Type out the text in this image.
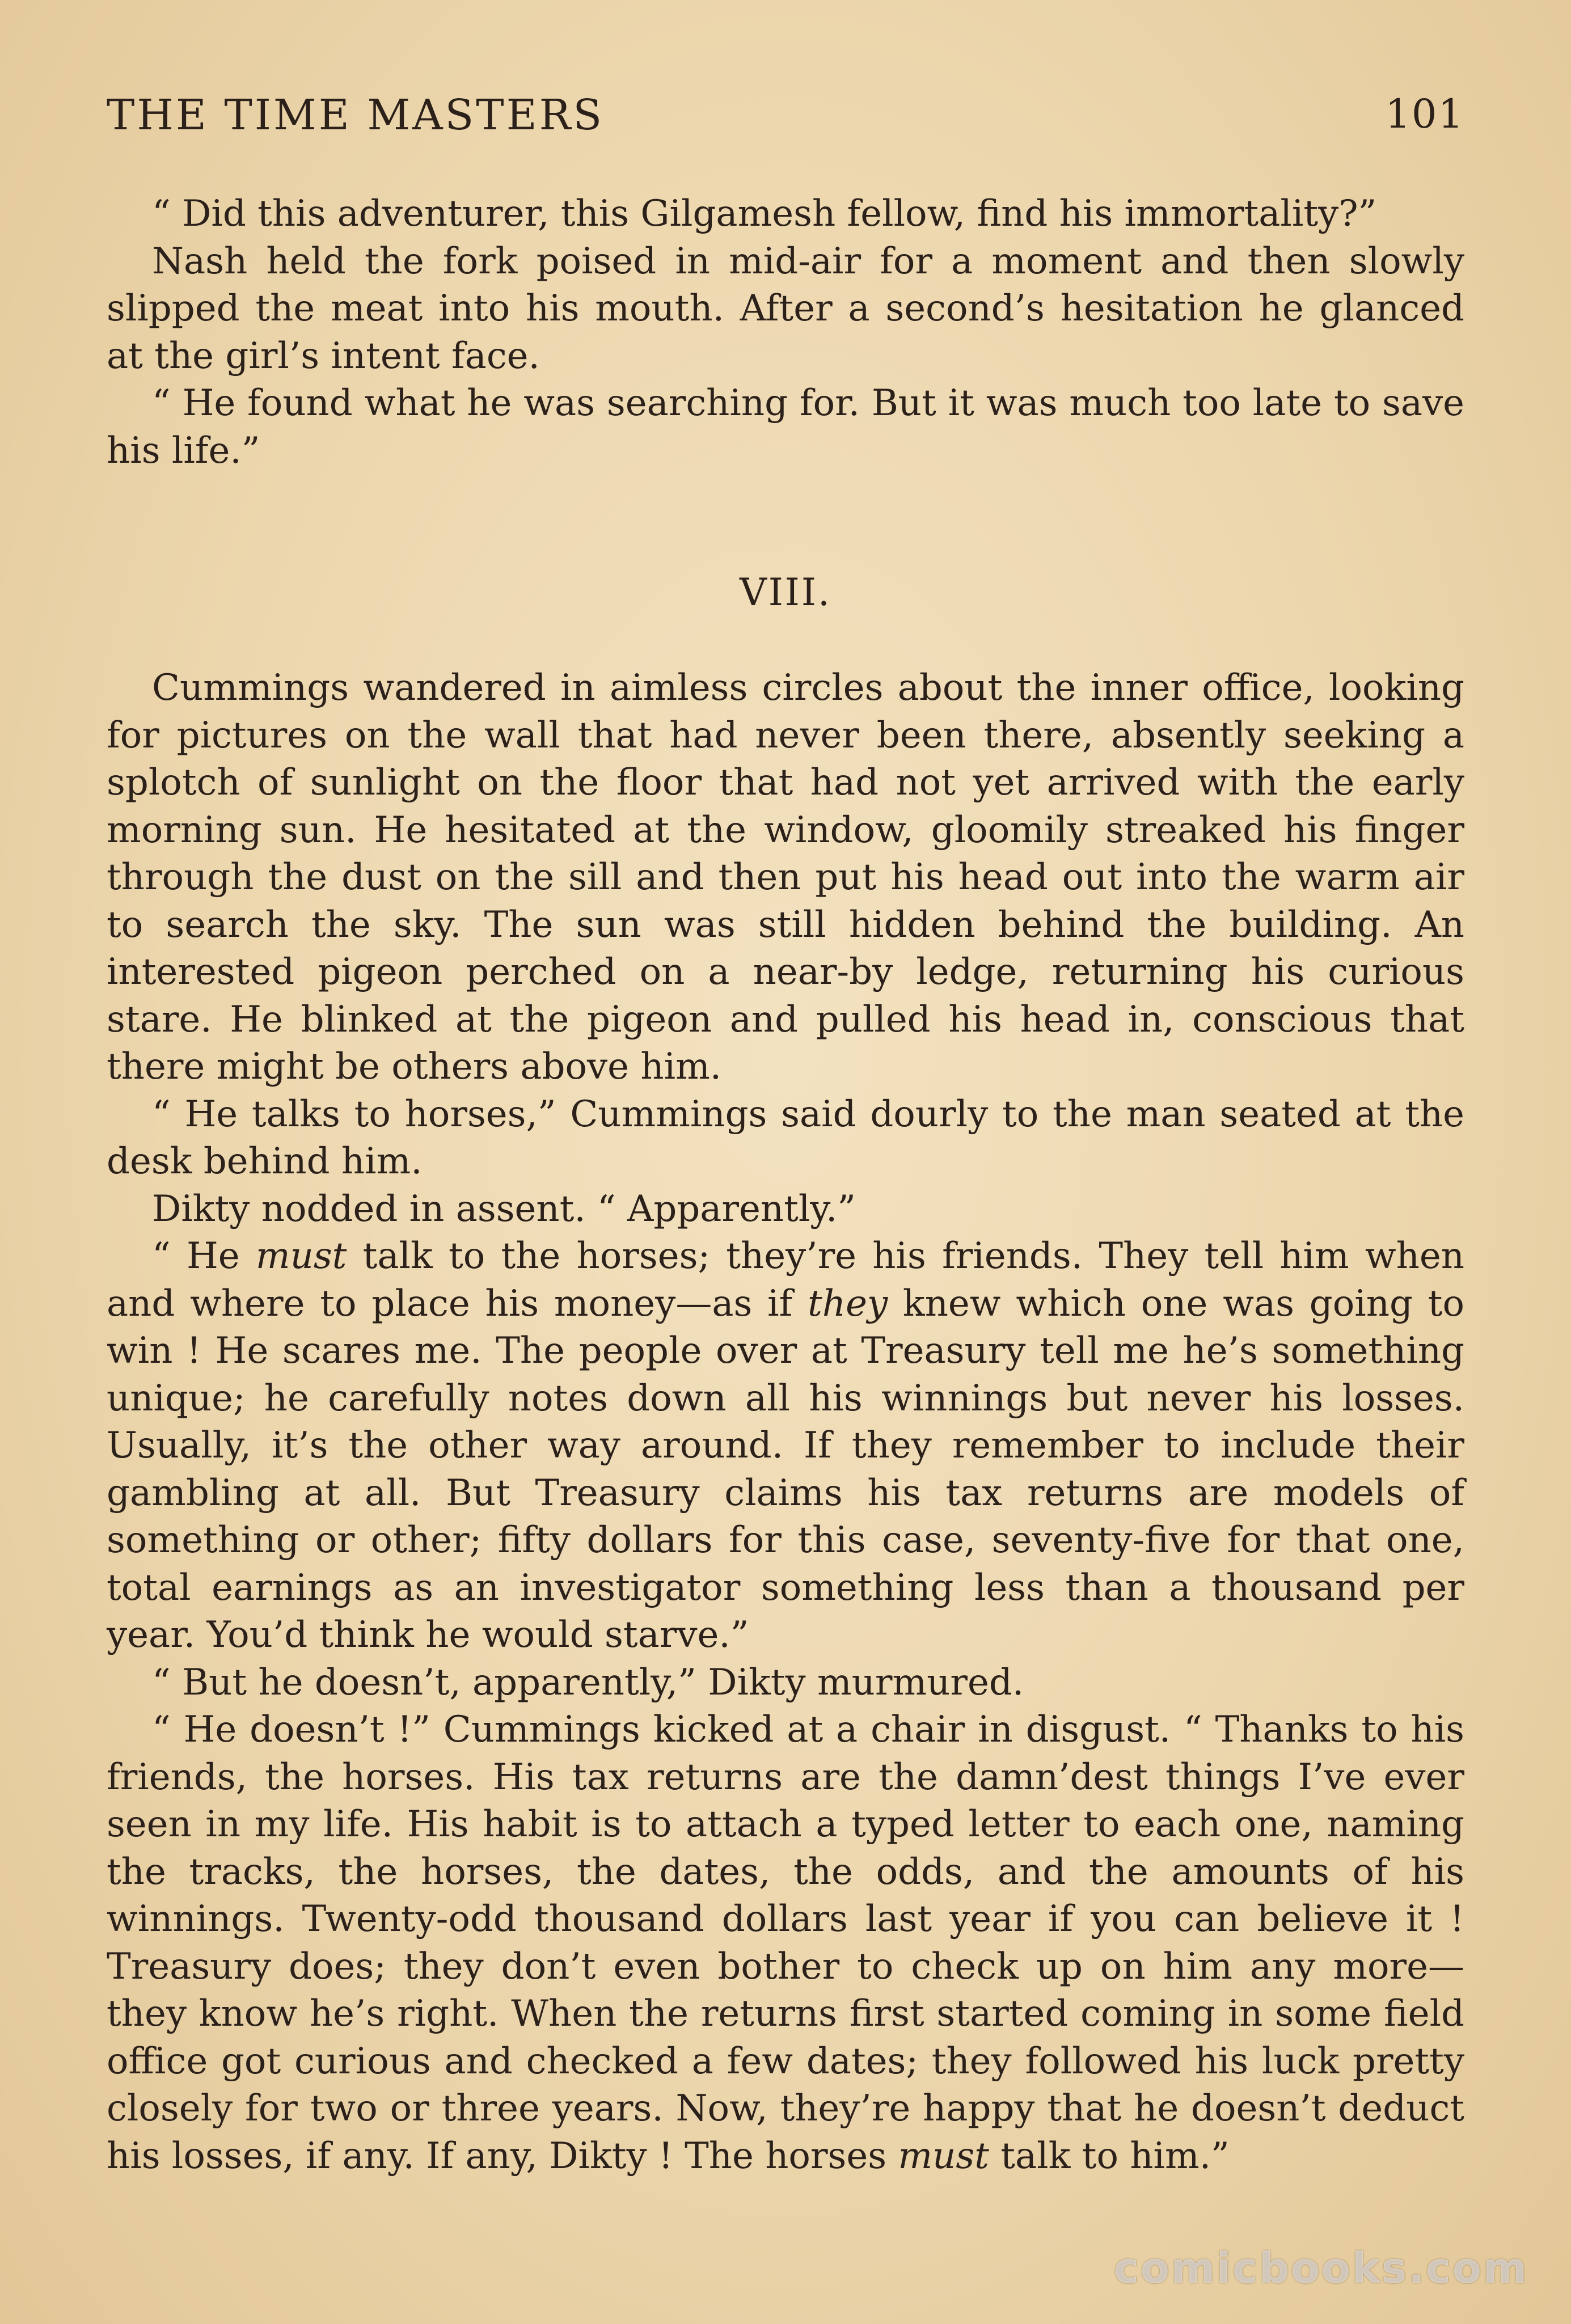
THE TIME MASTERS	101

“ Did this adventurer, this Gilgamesh fellow, find his immortality?”

Nash held the fork poised in mid-air for a moment and then slowly slipped the meat into his mouth. After a second’s hesitation he glanced at the girl’s intent face.

“ He found what he was searching for. But it was much too late to save his life.”

VIII.

Cummings wandered in aimless circles about the inner office, looking for pictures on the wall that had never been there, absently seeking a splotch of sunlight on the floor that had not yet arrived with the early morning sun. He hesitated at the window, gloomily streaked his finger through the dust on the sill and then put his head out into the warm air to search the sky. The sun was still hidden behind the building. An interested pigeon perched on a near-by ledge, returning his curious stare. He blinked at the pigeon and pulled his head in, conscious that there might be others above him.

“ He talks to horses,” Cummings said dourly to the man seated at the desk behind him.

Dikty nodded in assent. “ Apparently.”

“ He must talk to the horses; they’re his friends. They tell him when and where to place his money—as if they knew which one was going to win ! He scares me. The people over at Treasury tell me he’s something unique; he carefully notes down all his winnings but never his losses. Usually, it’s the other way around. If they remember to include their gambling at all. But Treasury claims his tax returns are models of something or other; fifty dollars for this case, seventy-five for that one, total earnings as an investigator something less than a thousand per year. You’d think he would starve.”

“ But he doesn’t, apparently,” Dikty murmured.

“ He doesn’t !” Cummings kicked at a chair in disgust. “ Thanks to his friends, the horses. His tax returns are the damn’dest things I’ve ever seen in my life. His habit is to attach a typed letter to each one, naming the tracks, the horses, the dates, the odds, and the amounts of his winnings. Twenty-odd thousand dollars last year if you can believe it ! Treasury does; they don’t even bother to check up on him any more—they know he’s right. When the returns first started coming in some field office got curious and checked a few dates; they followed his luck pretty closely for two or three years. Now, they’re happy that he doesn’t deduct his losses, if any. If any, Dikty ! The horses must talk to him.”

comicbooks.com
